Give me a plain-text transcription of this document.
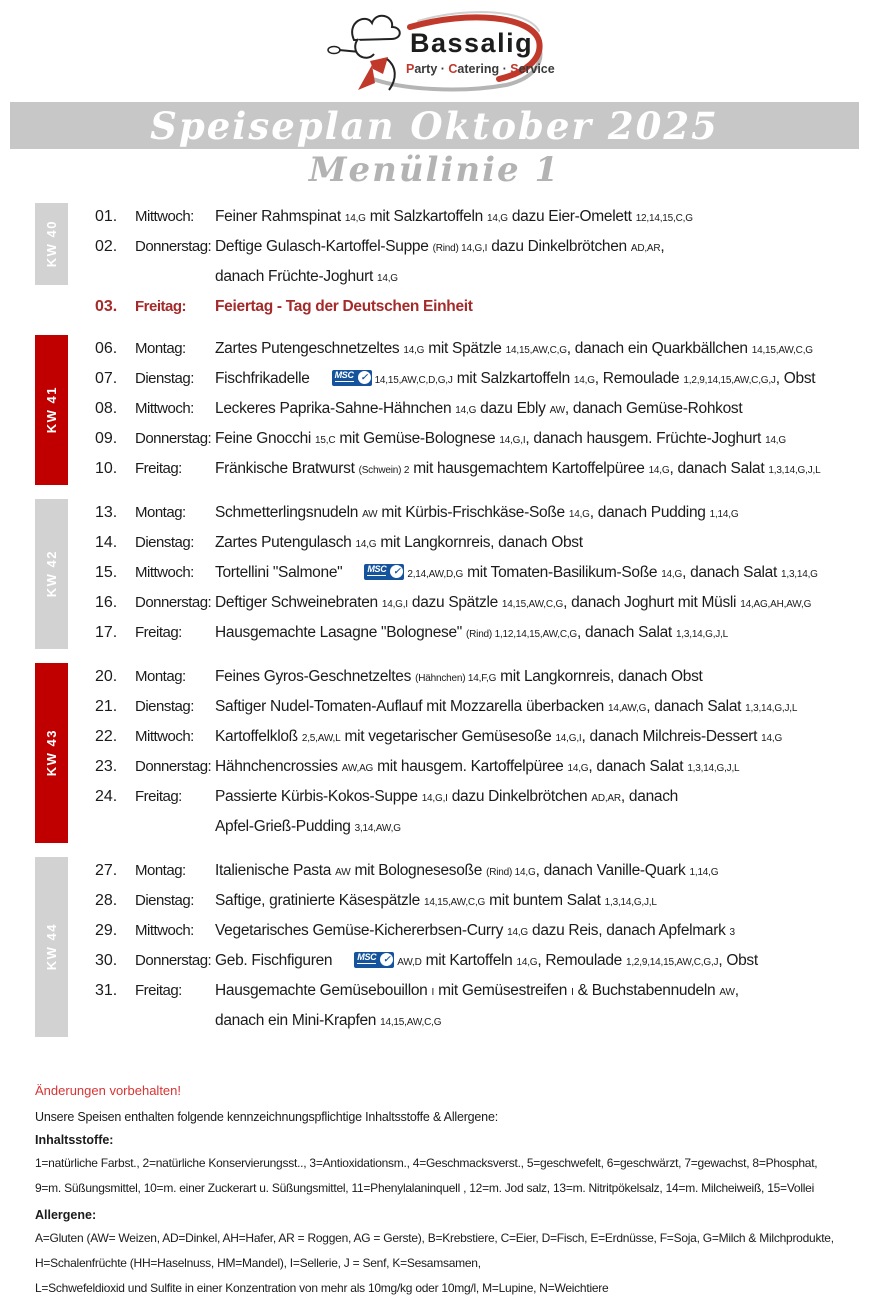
Bassalig
Party · Catering · Service
Speiseplan Oktober 2025
Menülinie 1
KW 40
01.	Mittwoch:	Feiner Rahmspinat 14,G mit Salzkartoffeln 14,G dazu Eier-Omelett 12,14,15,C,G
02.	Donnerstag: Deftige Gulasch-Kartoffel-Suppe (Rind) 14,G,I dazu Dinkelbrötchen AD,AR,
danach Früchte-Joghurt 14,G
03.	Freitag:	Feiertag - Tag der Deutschen Einheit
KW 41
06.	Montag:	Zartes Putengeschnetzeltes 14,G mit Spätzle 14,15,AW,C,G, danach ein Quarkbällchen 14,15,AW,C,G
07.	Dienstag:	Fischfrikadelle	MSC ✓ 14,15,AW,C,D,G,J mit Salzkartoffeln 14,G, Remoulade 1,2,9,14,15,AW,C,G,J, Obst
08.	Mittwoch:	Leckeres Paprika-Sahne-Hähnchen 14,G dazu Ebly AW, danach Gemüse-Rohkost
09.	Donnerstag: Feine Gnocchi 15,C mit Gemüse-Bolognese 14,G,I, danach hausgem. Früchte-Joghurt 14,G
10.	Freitag:	Fränkische Bratwurst (Schwein) 2 mit hausgemachtem Kartoffelpüree 14,G, danach Salat 1,3,14,G,J,L
KW 42
13.	Montag:	Schmetterlingsnudeln AW mit Kürbis-Frischkäse-Soße 14,G, danach Pudding 1,14,G
14.	Dienstag:	Zartes Putengulasch 14,G mit Langkornreis, danach Obst
15.	Mittwoch:	Tortellini "Salmone"	MSC ✓ 2,14,AW,D,G mit Tomaten-Basilikum-Soße 14,G, danach Salat 1,3,14,G
16.	Donnerstag: Deftiger Schweinebraten 14,G,I dazu Spätzle 14,15,AW,C,G, danach Joghurt mit Müsli 14,AG,AH,AW,G
17.	Freitag:	Hausgemachte Lasagne "Bolognese" (Rind) 1,12,14,15,AW,C,G, danach Salat 1,3,14,G,J,L
KW 43
20.	Montag:	Feines Gyros-Geschnetzeltes (Hähnchen) 14,F,G mit Langkornreis, danach Obst
21.	Dienstag:	Saftiger Nudel-Tomaten-Auflauf mit Mozzarella überbacken 14,AW,G, danach Salat 1,3,14,G,J,L
22.	Mittwoch:	Kartoffelkloß 2,5,AW,L mit vegetarischer Gemüsesoße 14,G,I, danach Milchreis-Dessert 14,G
23.	Donnerstag: Hähnchencrossies AW,AG mit hausgem. Kartoffelpüree 14,G, danach Salat 1,3,14,G,J,L
24.	Freitag:	Passierte Kürbis-Kokos-Suppe 14,G,I dazu Dinkelbrötchen AD,AR, danach
Apfel-Grieß-Pudding 3,14,AW,G
KW 44
27.	Montag:	Italienische Pasta AW mit Bolognesesoße (Rind) 14,G, danach Vanille-Quark 1,14,G
28.	Dienstag:	Saftige, gratinierte Käsespätzle 14,15,AW,C,G mit buntem Salat 1,3,14,G,J,L
29.	Mittwoch:	Vegetarisches Gemüse-Kichererbsen-Curry 14,G dazu Reis, danach Apfelmark 3
30.	Donnerstag: Geb. Fischfiguren	MSC ✓ AW,D mit Kartoffeln 14,G, Remoulade 1,2,9,14,15,AW,C,G,J, Obst
31.	Freitag:	Hausgemachte Gemüsebouillon I mit Gemüsestreifen I & Buchstabennudeln AW,
danach ein Mini-Krapfen 14,15,AW,C,G
Änderungen vorbehalten!
Unsere Speisen enthalten folgende kennzeichnungspflichtige Inhaltsstoffe & Allergene:
Inhaltsstoffe:
1=natürliche Farbst., 2=natürliche Konservierungsst.., 3=Antioxidationsm., 4=Geschmacksverst., 5=geschwefelt, 6=geschwärzt, 7=gewachst, 8=Phosphat,
9=m. Süßungsmittel, 10=m. einer Zuckerart u. Süßungsmittel, 11=Phenylalaninquell , 12=m. Jod salz, 13=m. Nitritpökelsalz, 14=m. Milcheiweiß, 15=Vollei
Allergene:
A=Gluten (AW= Weizen, AD=Dinkel, AH=Hafer, AR = Roggen, AG = Gerste), B=Krebstiere, C=Eier, D=Fisch, E=Erdnüsse, F=Soja, G=Milch & Milchprodukte,
H=Schalenfrüchte (HH=Haselnuss, HM=Mandel), I=Sellerie, J = Senf, K=Sesamsamen,
L=Schwefeldioxid und Sulfite in einer Konzentration von mehr als 10mg/kg oder 10mg/l, M=Lupine, N=Weichtiere
